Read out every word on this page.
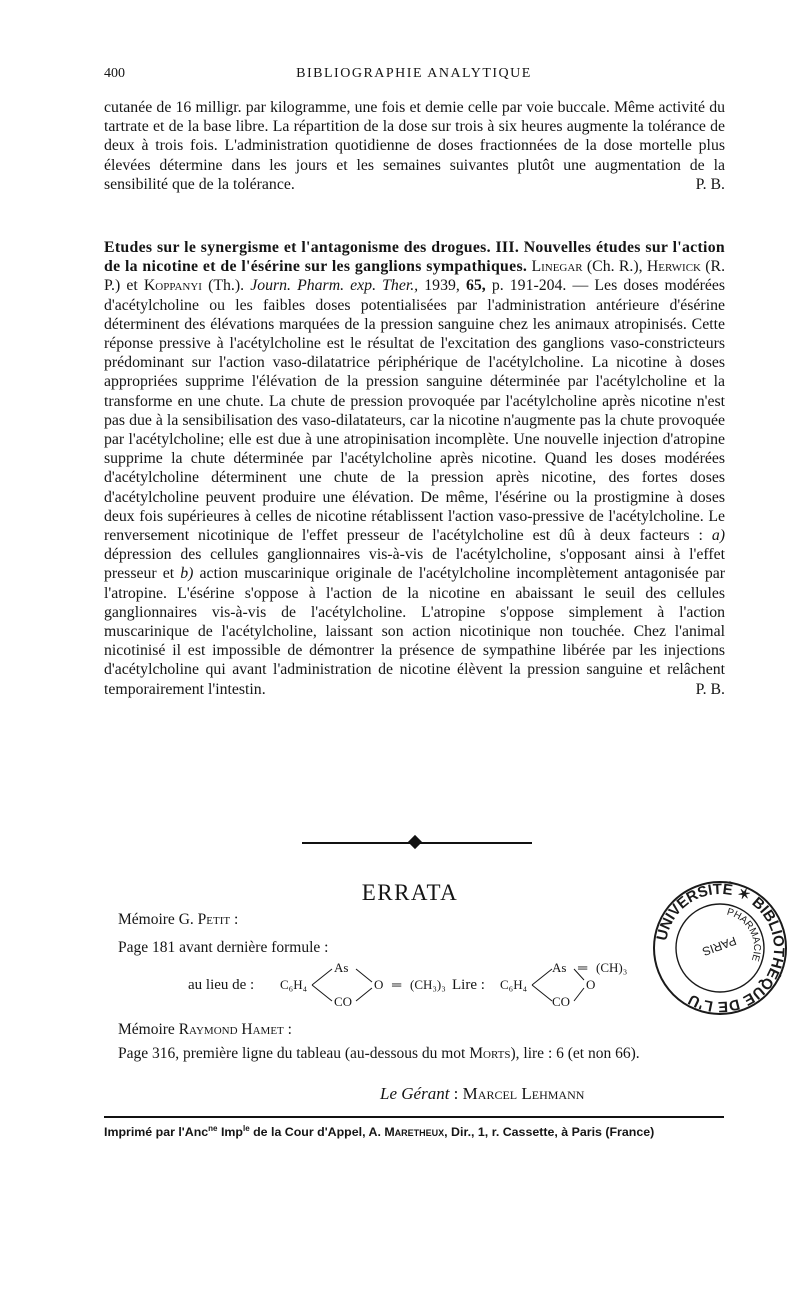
400	BIBLIOGRAPHIE ANALYTIQUE
cutanée de 16 milligr. par kilogramme, une fois et demie celle par voie buccale. Même activité du tartrate et de la base libre. La répartition de la dose sur trois à six heures augmente la tolérance de deux à trois fois. L'administration quotidienne de doses fractionnées de la dose mortelle plus élevées détermine dans les jours et les semaines suivantes plutôt une augmentation de la sensibilité que de la tolérance.	P. B.
Etudes sur le synergisme et l'antagonisme des drogues. III. Nouvelles études sur l'action de la nicotine et de l'ésérine sur les ganglions sympathiques. Linegar (Ch. R.), Herwick (R. P.) et Koppanyi (Th.). Journ. Pharm. exp. Ther., 1939, 65, p. 191-204. — Les doses modérées d'acétylcholine ou les faibles doses potentialisées par l'administration antérieure d'ésérine déterminent des élévations marquées de la pression sanguine chez les animaux atropinisés. Cette réponse pressive à l'acétylcholine est le résultat de l'excitation des ganglions vaso-constricteurs prédominant sur l'action vaso-dilatatrice périphérique de l'acétylcholine. La nicotine à doses appropriées supprime l'élévation de la pression sanguine déterminée par l'acétylcholine et la transforme en une chute. La chute de pression provoquée par l'acétylcholine après nicotine n'est pas due à la sensibilisation des vaso-dilatateurs, car la nicotine n'augmente pas la chute provoquée par l'acétylcholine; elle est due à une atropinisation incomplète. Une nouvelle injection d'atropine supprime la chute déterminée par l'acétylcholine après nicotine. Quand les doses modérées d'acétylcholine déterminent une chute de la pression après nicotine, des fortes doses d'acétylcholine peuvent produire une élévation. De même, l'ésérine ou la prostigmine à doses deux fois supérieures à celles de nicotine rétablissent l'action vaso-pressive de l'acétylcholine. Le renversement nicotinique de l'effet presseur de l'acétylcholine est dû à deux facteurs : a) dépression des cellules ganglionnaires vis-à-vis de l'acétylcholine, s'opposant ainsi à l'effet presseur et b) action muscarinique originale de l'acétylcholine incomplètement antagonisée par l'atropine. L'ésérine s'oppose à l'action de la nicotine en abaissant le seuil des cellules ganglionnaires vis-à-vis de l'acétylcholine. L'atropine s'oppose simplement à l'action muscarinique de l'acétylcholine, laissant son action nicotinique non touchée. Chez l'animal nicotinisé il est impossible de démontrer la présence de sympathine libérée par les injections d'acétylcholine qui avant l'administration de nicotine élèvent la pression sanguine et relâchent temporairement l'intestin.	P. B.
ERRATA
UNIVERSITÉ ✶ BIBLIOTHÈQUE DE L'U
PHARMACIE
PARIS
Mémoire G. Petit :
Page 181 avant dernière formule :
au lieu de : C₆H₄
As
CO
O ═ (CH₃)₃ Lire : C₆H₄
As
CO
O
═ (CH)₃
Mémoire Raymond Hamet :
Page 316, première ligne du tableau (au-dessous du mot Morts), lire : 6 (et non 66).
Le Gérant : Marcel Lehmann
Imprimé par l'Anc$^{ne}$ Imp$^{le}$ de la Cour d'Appel, A. Maretheux, Dir., 1, r. Cassette, à Paris (France)
